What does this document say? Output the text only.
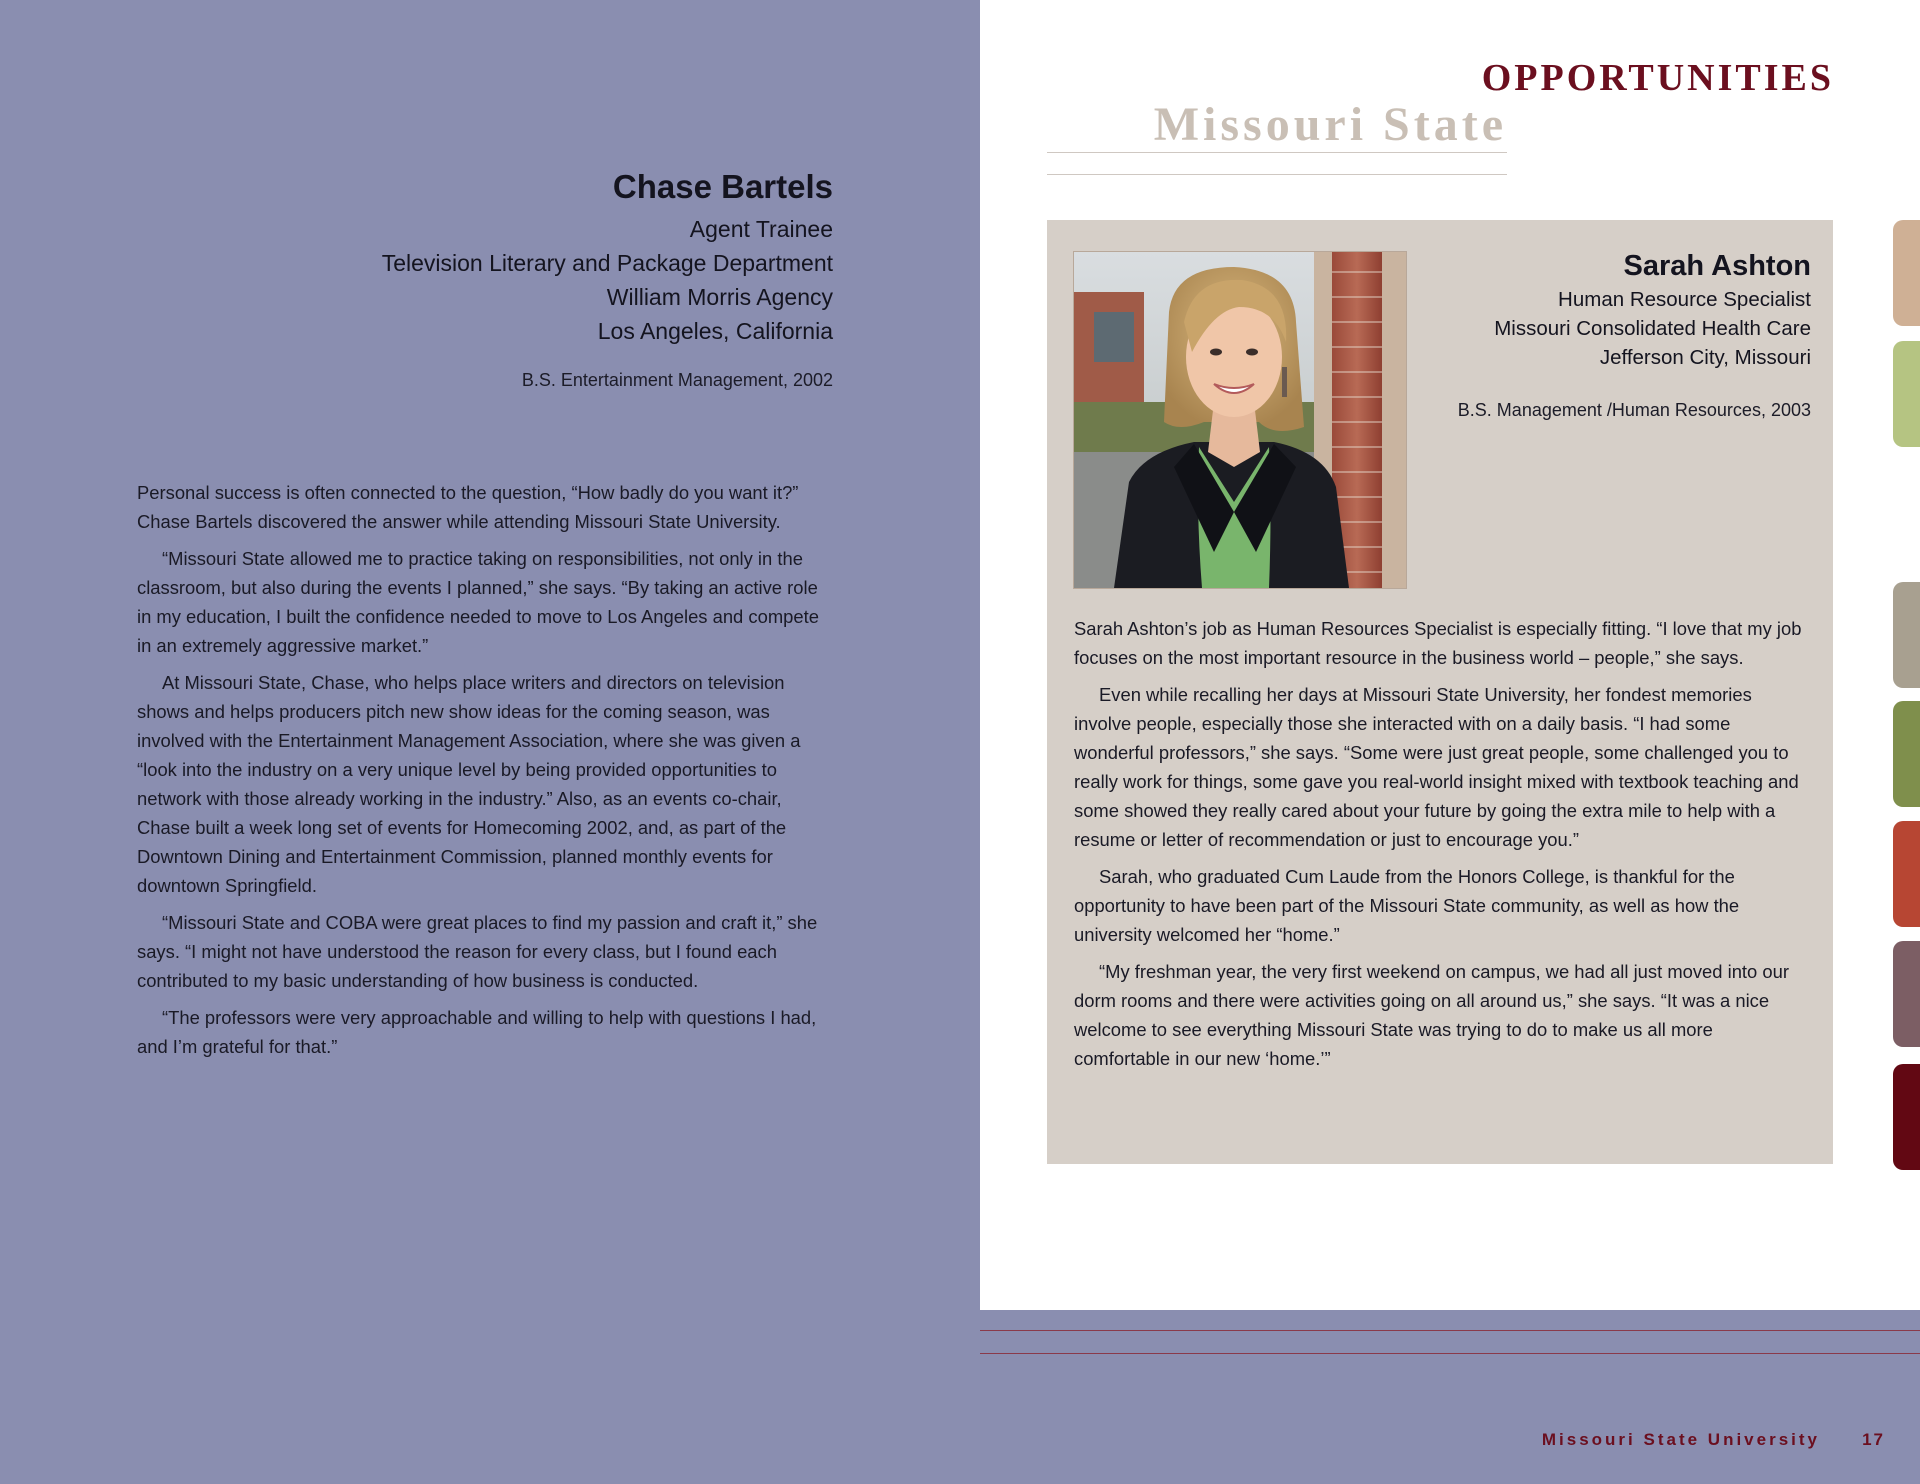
Chase Bartels
Agent Trainee
Television Literary and Package Department
William Morris Agency
Los Angeles, California
B.S. Entertainment Management, 2002

Personal success is often connected to the question, “How badly do you want it?” Chase Bartels discovered the answer while attending Missouri State University.

“Missouri State allowed me to practice taking on responsibilities, not only in the classroom, but also during the events I planned,” she says. “By taking an active role in my education, I built the confidence needed to move to Los Angeles and compete in an extremely aggressive market.”

At Missouri State, Chase, who helps place writers and directors on television shows and helps producers pitch new show ideas for the coming season, was involved with the Entertainment Management Association, where she was given a “look into the industry on a very unique level by being provided opportunities to network with those already working in the industry.” Also, as an events co-chair, Chase built a week long set of events for Homecoming 2002, and, as part of the Downtown Dining and Entertainment Commission, planned monthly events for downtown Springfield.

“Missouri State and COBA were great places to find my passion and craft it,” she says. “I might not have understood the reason for every class, but I found each contributed to my basic understanding of how business is conducted.

“The professors were very approachable and willing to help with questions I had, and I’m grateful for that.”

OPPORTUNITIES
Missouri State
Sarah Ashton
Human Resource Specialist
Missouri Consolidated Health Care
Jefferson City, Missouri
B.S. Management /Human Resources, 2003

Sarah Ashton’s job as Human Resources Specialist is especially fitting. “I love that my job focuses on the most important resource in the business world – people,” she says.

Even while recalling her days at Missouri State University, her fondest memories involve people, especially those she interacted with on a daily basis. “I had some wonderful professors,” she says. “Some were just great people, some challenged you to really work for things, some gave you real-world insight mixed with textbook teaching and some showed they really cared about your future by going the extra mile to help with a resume or letter of recommendation or just to encourage you.”

Sarah, who graduated Cum Laude from the Honors College, is thankful for the opportunity to have been part of the Missouri State community, as well as how the university welcomed her “home.”

“My freshman year, the very first weekend on campus, we had all just moved into our dorm rooms and there were activities going on all around us,” she says. “It was a nice welcome to see everything Missouri State was trying to do to make us all more comfortable in our new ‘home.’”

Missouri State University	17
